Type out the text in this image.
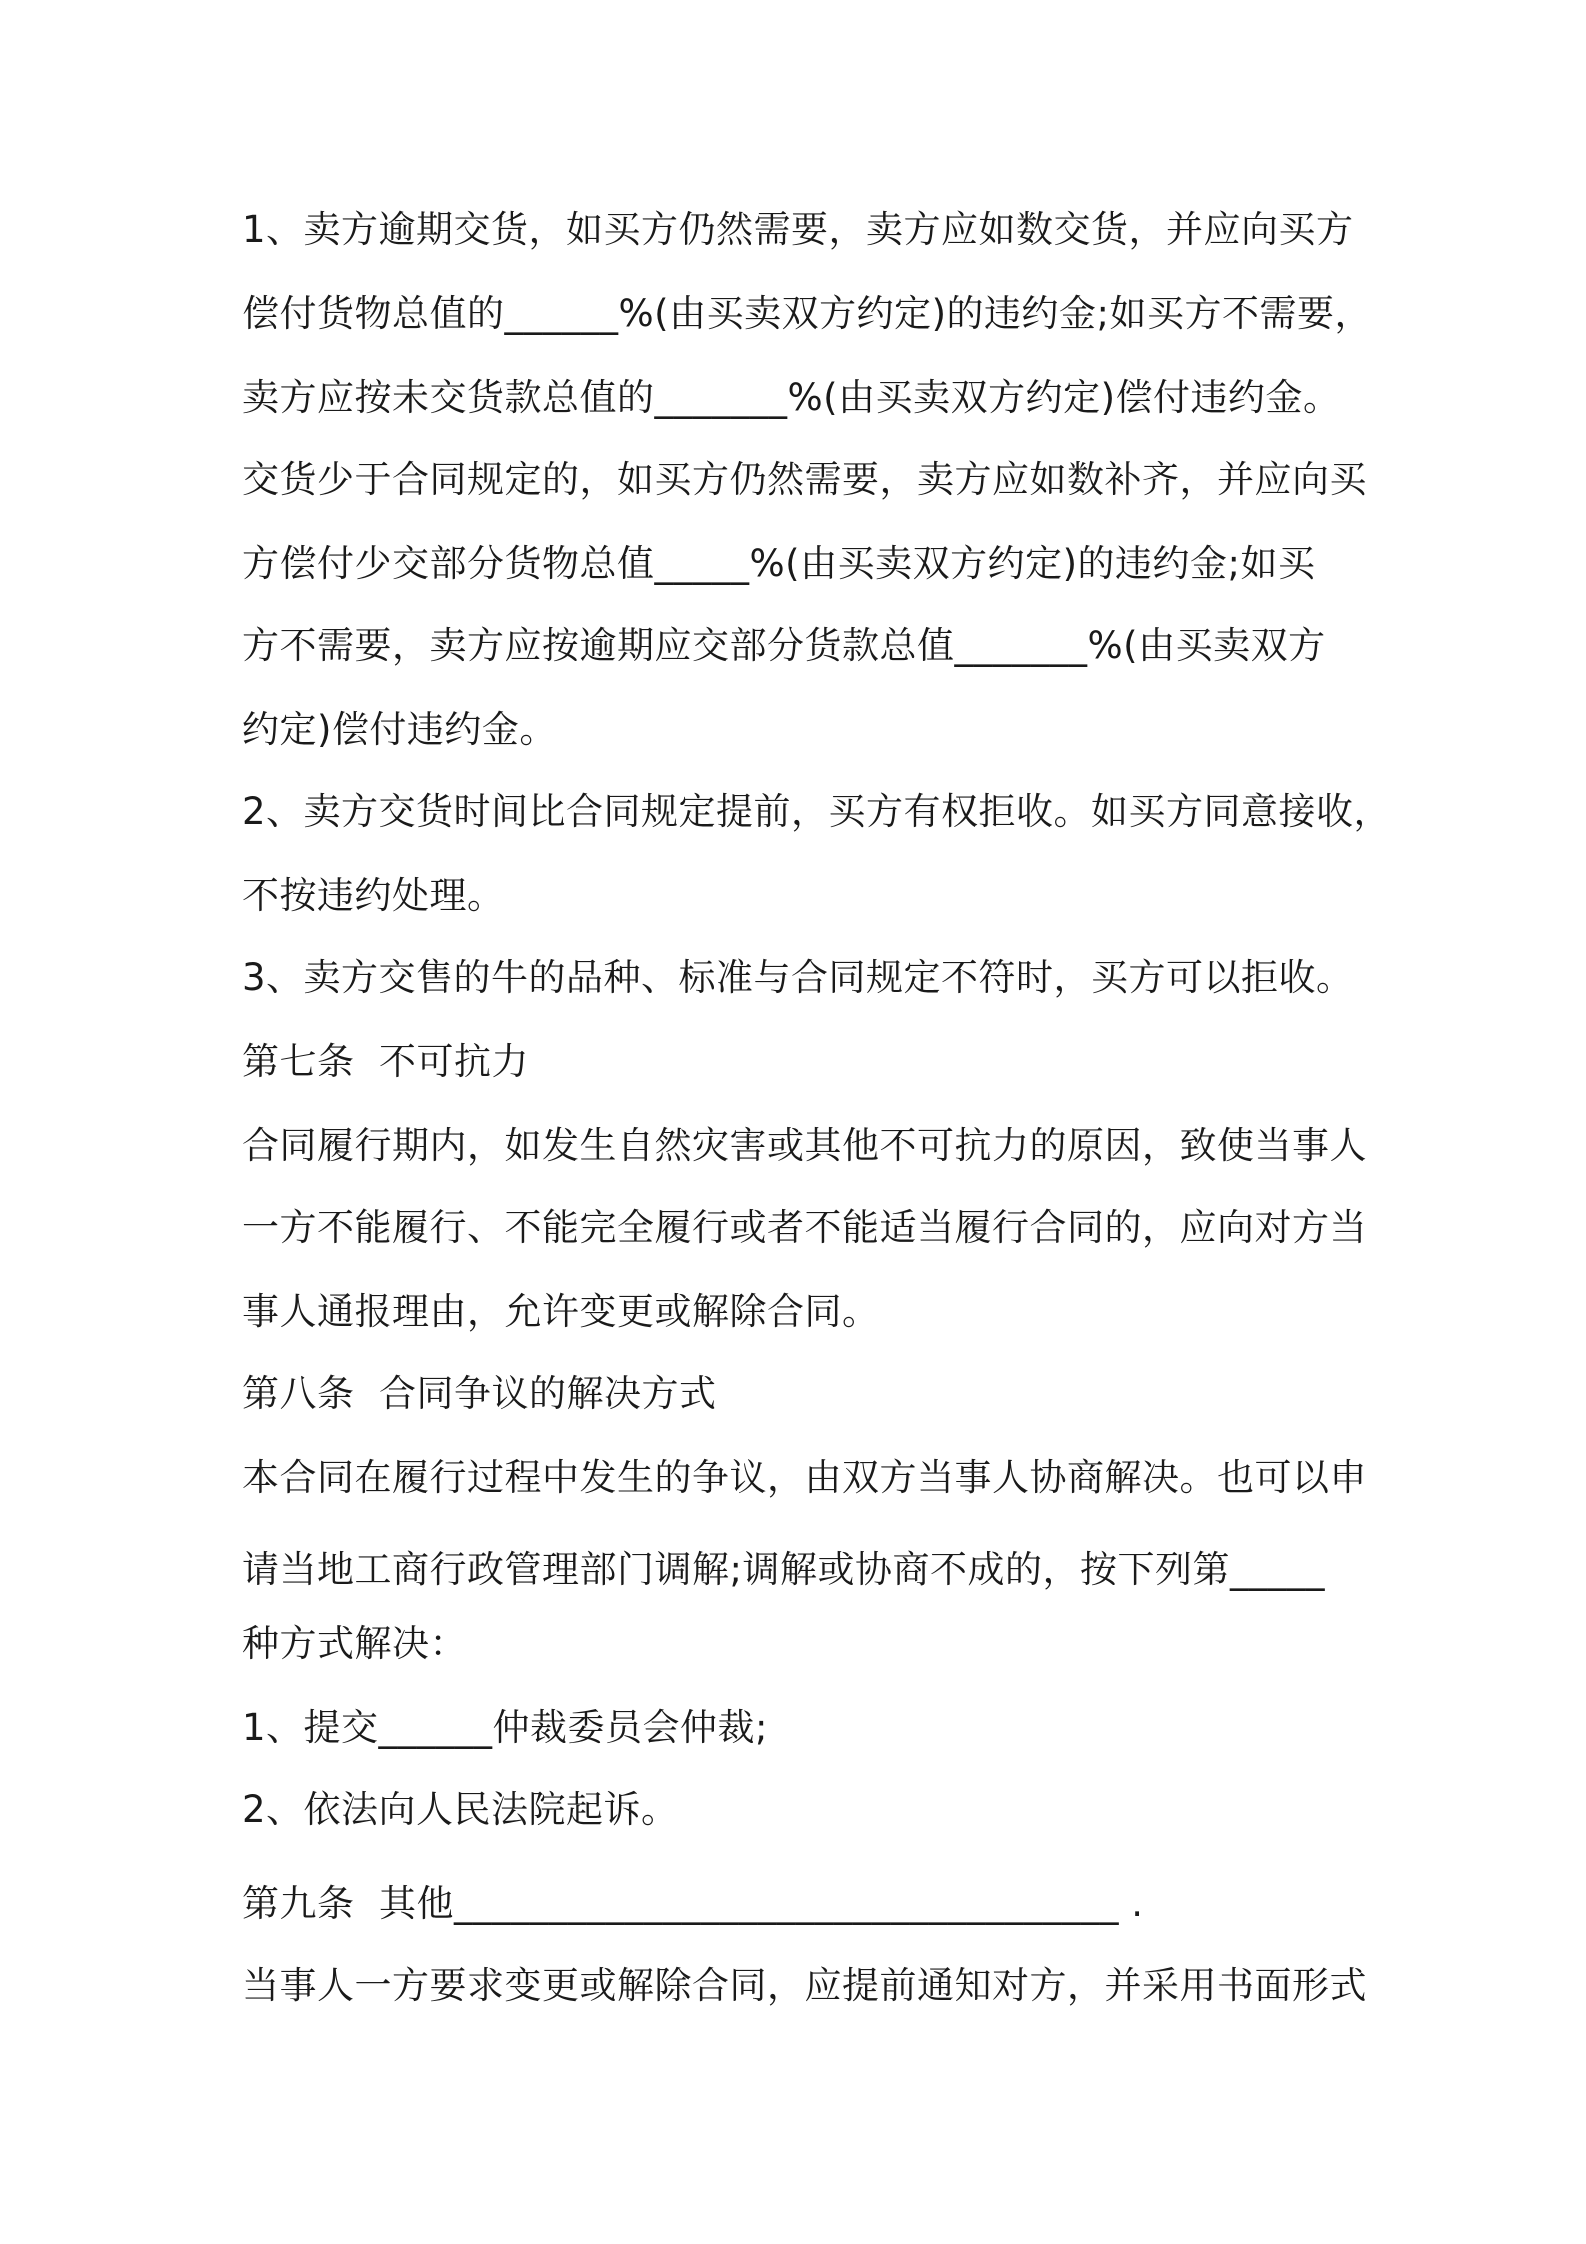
1、卖方逾期交货，如买方仍然需要，卖方应如数交货，并应向买方
偿付货物总值的______%(由买卖双方约定)的违约金;如买方不需要，
卖方应按未交货款总值的_______%(由买卖双方约定)偿付违约金。
交货少于合同规定的，如买方仍然需要，卖方应如数补齐，并应向买
方偿付少交部分货物总值_____%(由买卖双方约定)的违约金;如买
方不需要，卖方应按逾期应交部分货款总值_______%(由买卖双方
约定)偿付违约金。
2、卖方交货时间比合同规定提前，买方有权拒收。如买方同意接收，
不按违约处理。
3、卖方交售的牛的品种、标准与合同规定不符时，买方可以拒收。
第七条  不可抗力
合同履行期内，如发生自然灾害或其他不可抗力的原因，致使当事人
一方不能履行、不能完全履行或者不能适当履行合同的，应向对方当
事人通报理由，允许变更或解除合同。
第八条  合同争议的解决方式
本合同在履行过程中发生的争议，由双方当事人协商解决。也可以申
请当地工商行政管理部门调解;调解或协商不成的，按下列第_____
种方式解决：
1、提交______仲裁委员会仲裁;
2、依法向人民法院起诉。
第九条  其他___________________________________ .
当事人一方要求变更或解除合同，应提前通知对方，并采用书面形式
